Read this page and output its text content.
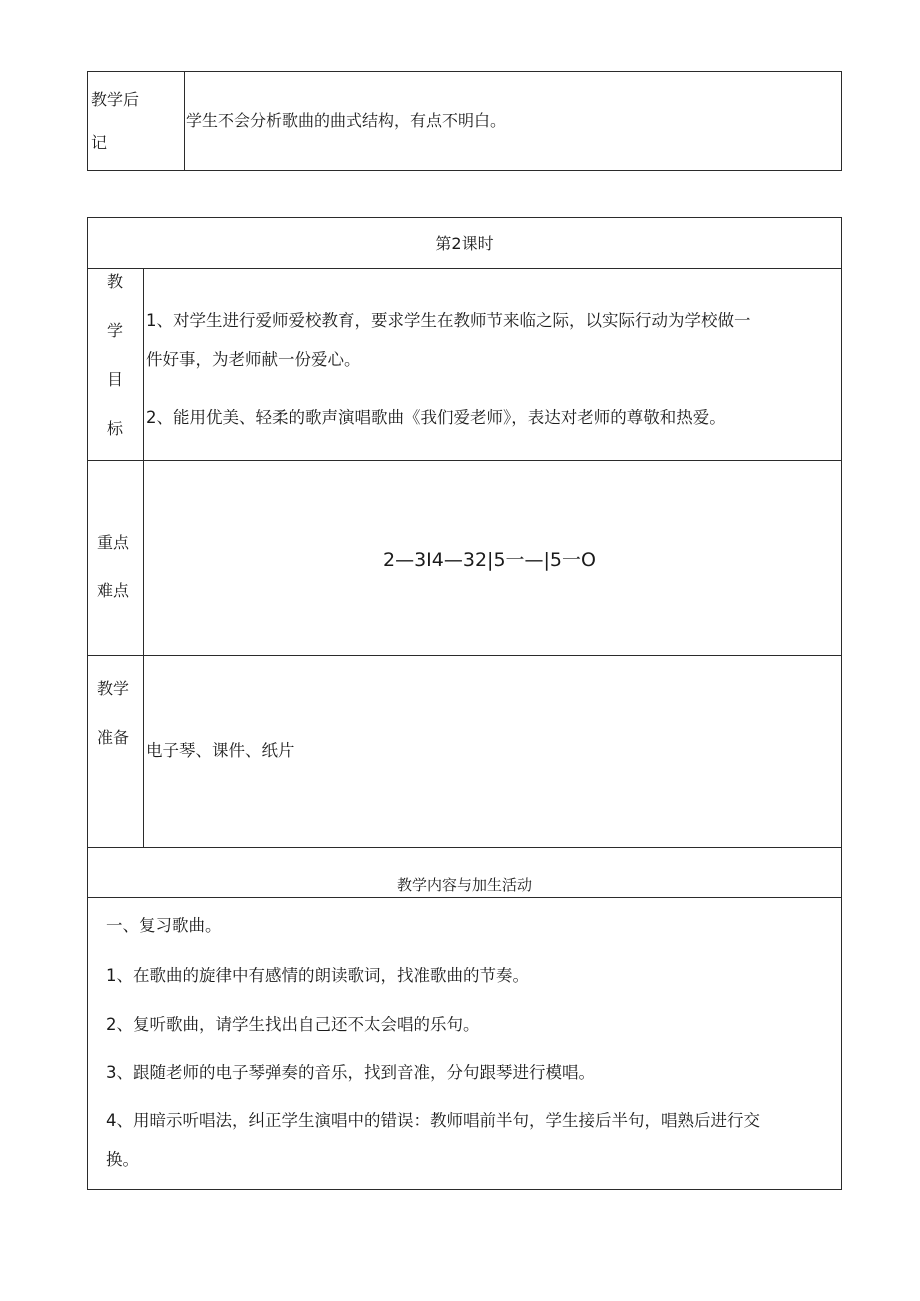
教学后
记
学生不会分析歌曲的曲式结构，有点不明白。
第2课时
教
学
目
标
1、对学生进行爱师爱校教育，要求学生在教师节来临之际，以实际行动为学校做一
件好事，为老师献一份爱心。
2、能用优美、轻柔的歌声演唱歌曲《我们爱老师》，表达对老师的尊敬和热爱。
重点
难点
2—3I4—32|5一—|5一O
教学
准备
电子琴、课件、纸片
教学内容与加生活动
一、复习歌曲。
1、在歌曲的旋律中有感情的朗读歌词，找准歌曲的节奏。
2、复听歌曲，请学生找出自己还不太会唱的乐句。
3、跟随老师的电子琴弹奏的音乐，找到音准，分句跟琴进行模唱。
4、用暗示听唱法，纠正学生演唱中的错误：教师唱前半句，学生接后半句，唱熟后进行交
换。
